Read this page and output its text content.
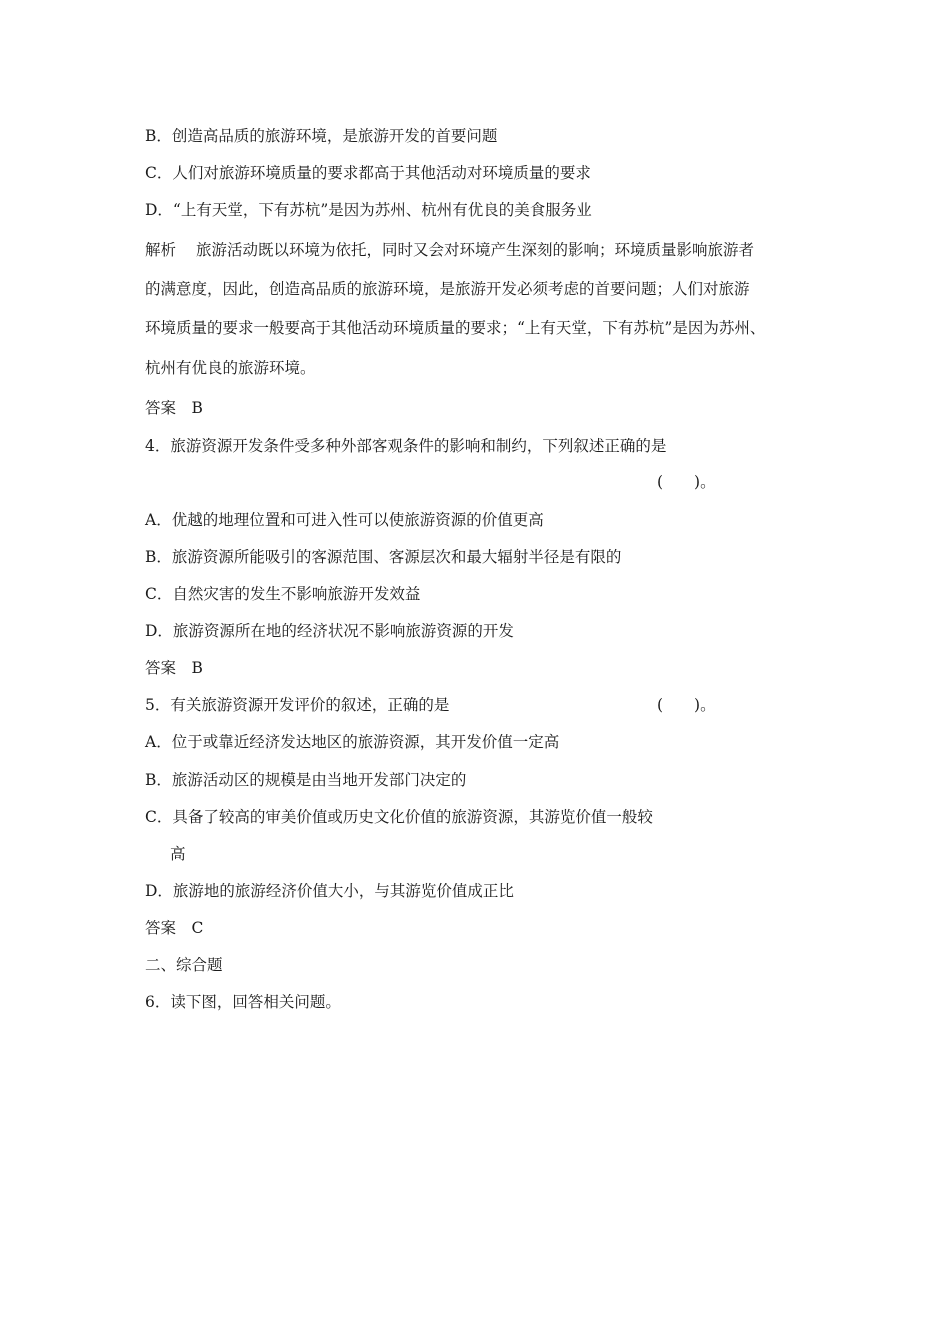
B．创造高品质的旅游环境，是旅游开发的首要问题
C．人们对旅游环境质量的要求都高于其他活动对环境质量的要求
D．“上有天堂，下有苏杭”是因为苏州、杭州有优良的美食服务业
解析 旅游活动既以环境为依托，同时又会对环境产生深刻的影响；环境质量影响旅游者
的满意度，因此，创造高品质的旅游环境，是旅游开发必须考虑的首要问题；人们对旅游
环境质量的要求一般要高于其他活动环境质量的要求；“上有天堂，下有苏杭”是因为苏州、
杭州有优良的旅游环境。
答案　B
4．旅游资源开发条件受多种外部客观条件的影响和制约，下列叙述正确的是
(　　)。
A．优越的地理位置和可进入性可以使旅游资源的价值更高
B．旅游资源所能吸引的客源范围、客源层次和最大辐射半径是有限的
C．自然灾害的发生不影响旅游开发效益
D．旅游资源所在地的经济状况不影响旅游资源的开发
答案　B
5．有关旅游资源开发评价的叙述，正确的是	(　　)。
A．位于或靠近经济发达地区的旅游资源，其开发价值一定高
B．旅游活动区的规模是由当地开发部门决定的
C．具备了较高的审美价值或历史文化价值的旅游资源，其游览价值一般较
高
D．旅游地的旅游经济价值大小，与其游览价值成正比
答案　C
二、综合题
6．读下图，回答相关问题。
